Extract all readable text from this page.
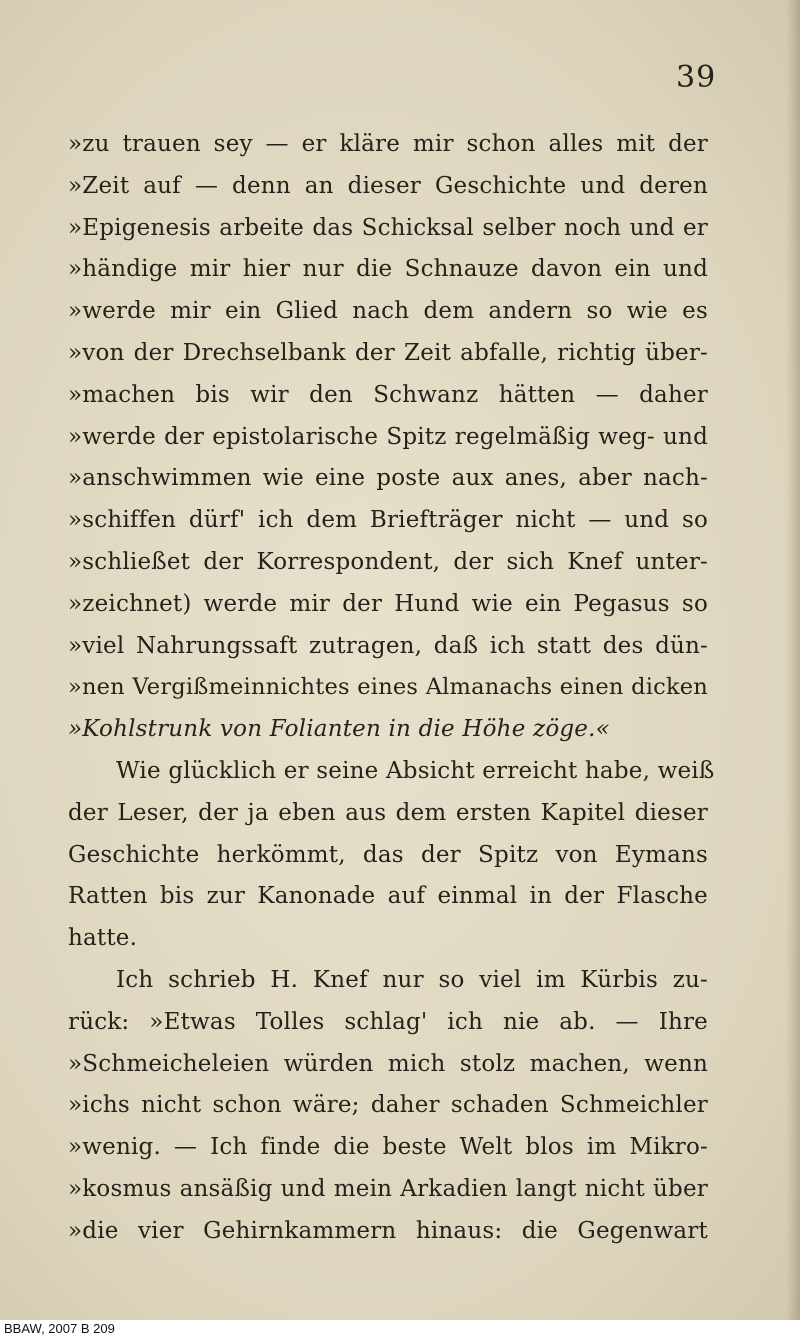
39
»zu trauen sey — er kläre mir schon alles mit der
»Zeit auf — denn an dieser Geschichte und deren
»Epigenesis arbeite das Schicksal selber noch und er
»händige mir hier nur die Schnauze davon ein und
»werde mir ein Glied nach dem andern so wie es
»von der Drechselbank der Zeit abfalle, richtig über-
»machen bis wir den Schwanz hätten — daher
»werde der epistolarische Spitz regelmäßig weg- und
»anschwimmen wie eine poste aux anes, aber nach-
»schiffen dürf' ich dem Briefträger nicht — und so
»schließet der Korrespondent, der sich Knef unter-
»zeichnet) werde mir der Hund wie ein Pegasus so
»viel Nahrungssaft zutragen, daß ich statt des dün-
»nen Vergißmeinnichtes eines Almanachs einen dicken
»Kohlstrunk von Folianten in die Höhe zöge.«
Wie glücklich er seine Absicht erreicht habe, weiß
der Leser, der ja eben aus dem ersten Kapitel dieser
Geschichte herkömmt, das der Spitz von Eymans
Ratten bis zur Kanonade auf einmal in der Flasche
hatte.
Ich schrieb H. Knef nur so viel im Kürbis zu-
rück: »Etwas Tolles schlag' ich nie ab. — Ihre
»Schmeicheleien würden mich stolz machen, wenn
»ichs nicht schon wäre; daher schaden Schmeichler
»wenig. — Ich finde die beste Welt blos im Mikro-
»kosmus ansäßig und mein Arkadien langt nicht über
»die vier Gehirnkammern hinaus: die Gegenwart
BBAW, 2007 B 209
